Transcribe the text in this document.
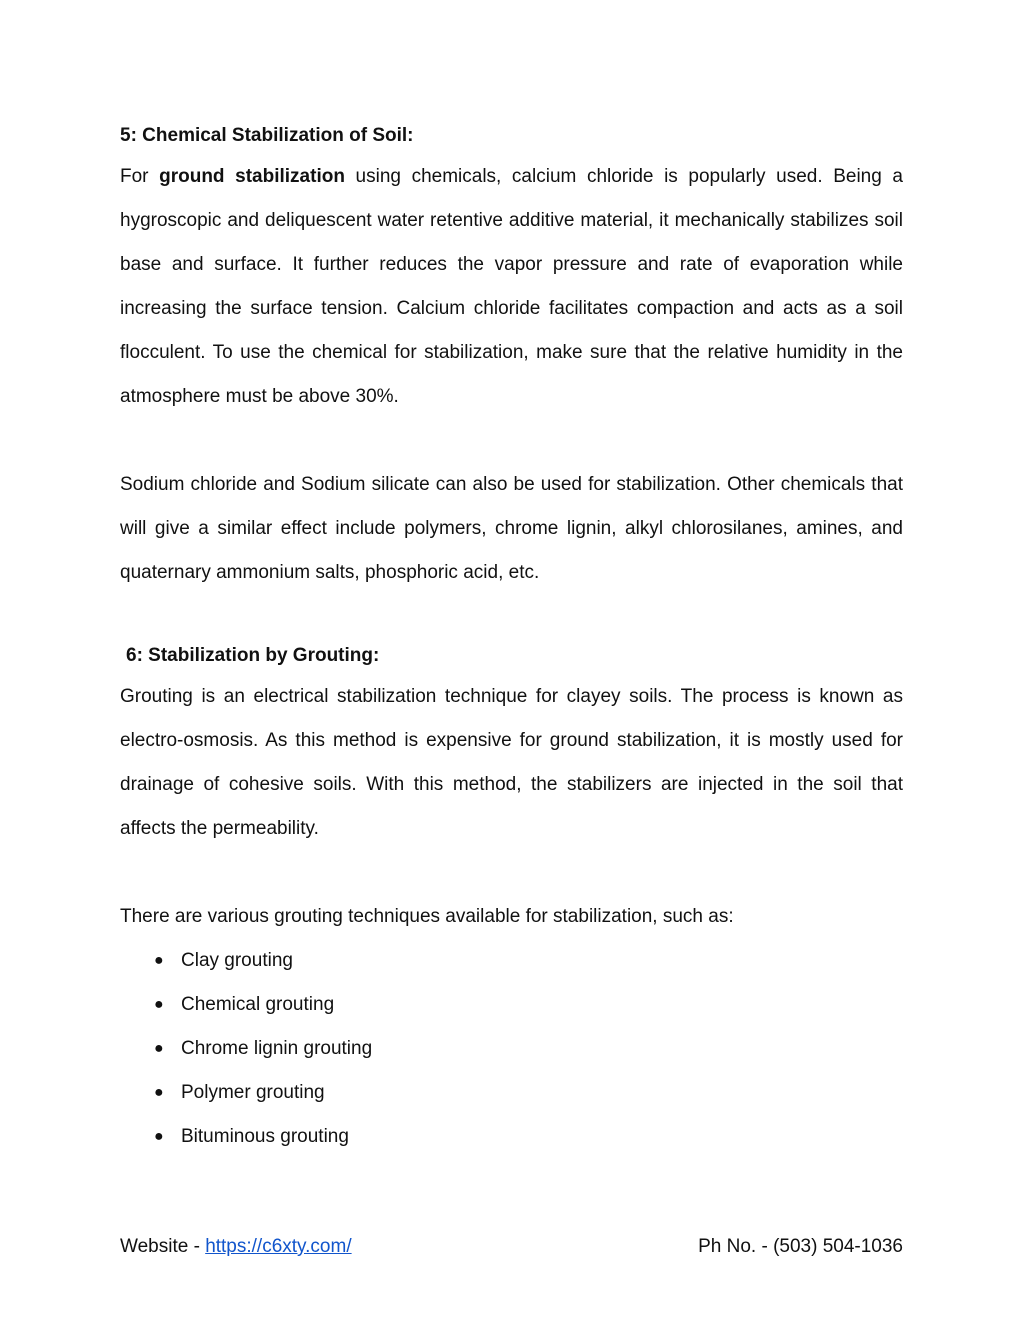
5: Chemical Stabilization of Soil:

For ground stabilization using chemicals, calcium chloride is popularly used. Being a hygroscopic and deliquescent water retentive additive material, it mechanically stabilizes soil base and surface. It further reduces the vapor pressure and rate of evaporation while increasing the surface tension. Calcium chloride facilitates compaction and acts as a soil flocculent. To use the chemical for stabilization, make sure that the relative humidity in the atmosphere must be above 30%.

Sodium chloride and Sodium silicate can also be used for stabilization. Other chemicals that will give a similar effect include polymers, chrome lignin, alkyl chlorosilanes, amines, and quaternary ammonium salts, phosphoric acid, etc.

6: Stabilization by Grouting:

Grouting is an electrical stabilization technique for clayey soils. The process is known as electro-osmosis. As this method is expensive for ground stabilization, it is mostly used for drainage of cohesive soils. With this method, the stabilizers are injected in the soil that affects the permeability.

There are various grouting techniques available for stabilization, such as:

● Clay grouting
● Chemical grouting
● Chrome lignin grouting
● Polymer grouting
● Bituminous grouting
Website - https://c6xty.com/	Ph No. - (503) 504-1036
